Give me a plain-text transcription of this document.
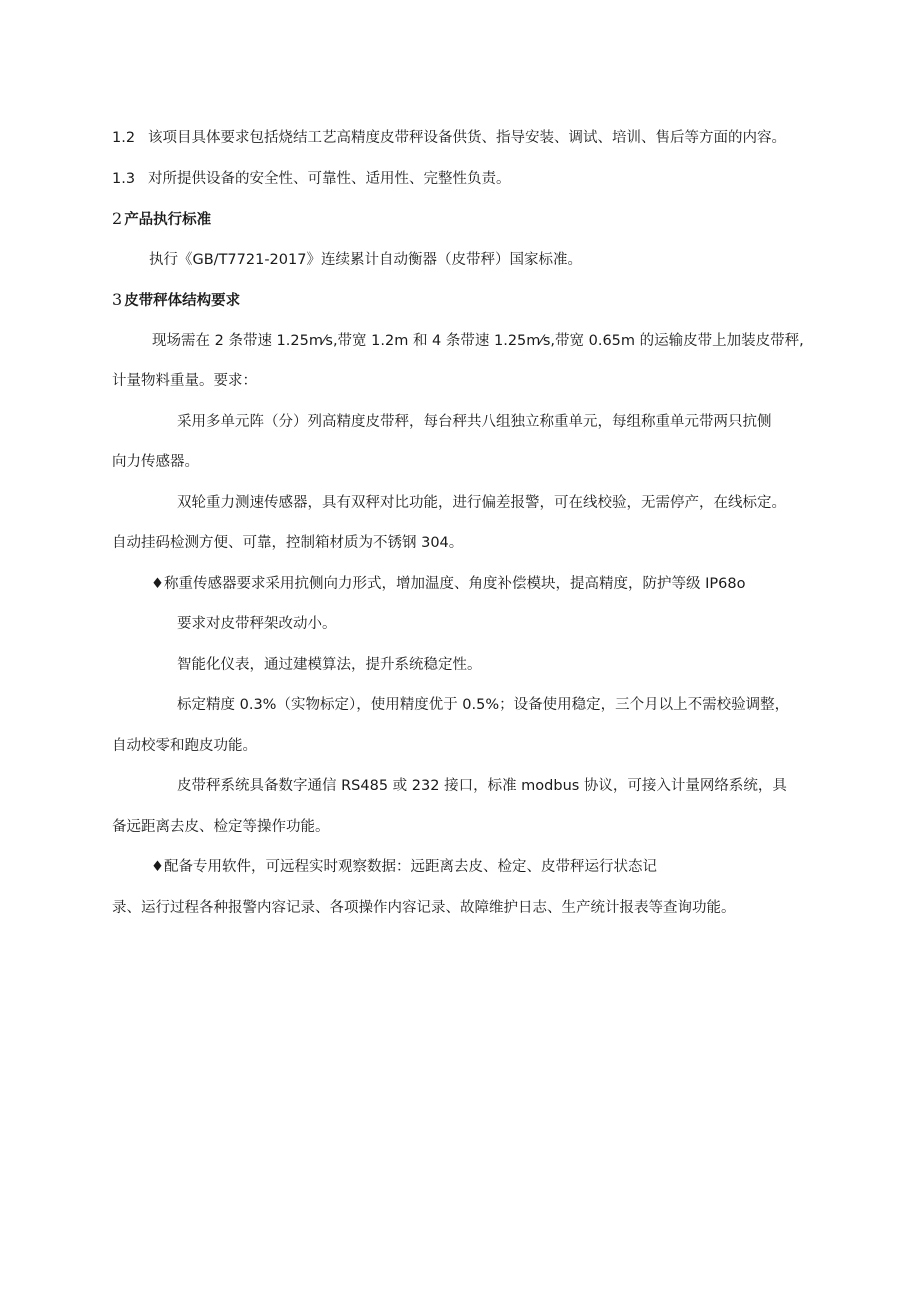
1.2 该项目具体要求包括烧结工艺高精度皮带秤设备供货、指导安装、调试、培训、售后等方面的内容。
1.3 对所提供设备的安全性、可靠性、适用性、完整性负责。
2 产品执行标准
执行《GB/T7721-2017》连续累计自动衡器（皮带秤）国家标准。
3 皮带秤体结构要求
现场需在 2 条带速 1.25m⁄s,带宽 1.2m 和 4 条带速 1.25m⁄s,带宽 0.65m 的运输皮带上加装皮带秤,
计量物料重量。要求：
采用多单元阵（分）列高精度皮带秤，每台秤共八组独立称重单元，每组称重单元带两只抗侧
向力传感器。
双轮重力测速传感器，具有双秤对比功能，进行偏差报警，可在线校验，无需停产，在线标定。
自动挂码检测方便、可靠，控制箱材质为不锈钢 304。
♦称重传感器要求采用抗侧向力形式，增加温度、角度补偿模块，提高精度，防护等级 IP68o
要求对皮带秤架改动小。
智能化仪表，通过建模算法，提升系统稳定性。
标定精度 0.3%（实物标定），使用精度优于 0.5%；设备使用稳定，三个月以上不需校验调整，
自动校零和跑皮功能。
皮带秤系统具备数字通信 RS485 或 232 接口，标准 modbus 协议，可接入计量网络系统，具
备远距离去皮、检定等操作功能。
♦配备专用软件，可远程实时观察数据：远距离去皮、检定、皮带秤运行状态记
录、运行过程各种报警内容记录、各项操作内容记录、故障维护日志、生产统计报表等查询功能。
